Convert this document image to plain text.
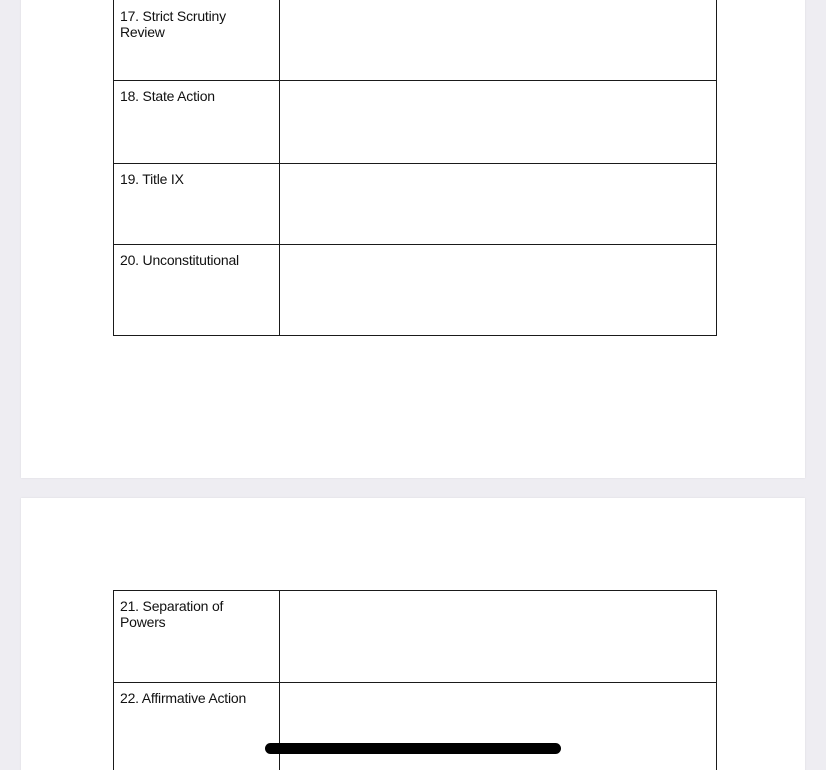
17. Strict Scrutiny Review	

18. State Action	

19. Title IX	

20. Unconstitutional	

21. Separation of Powers	

22. Affirmative Action	
